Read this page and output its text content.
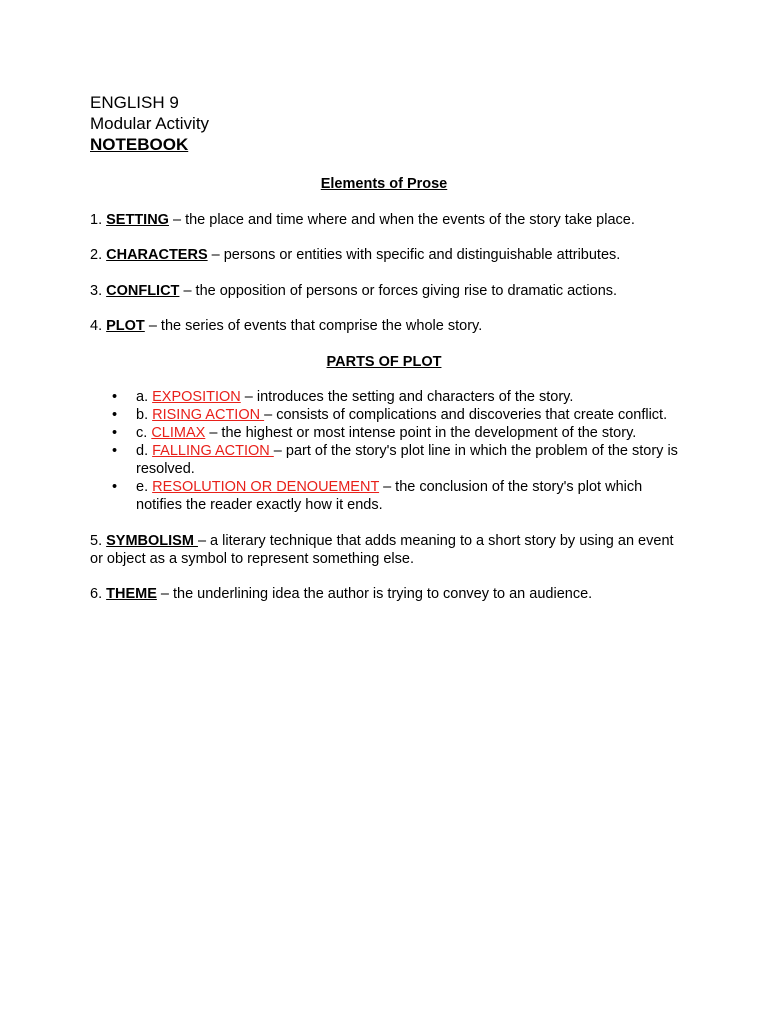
ENGLISH 9
Modular Activity
NOTEBOOK
Elements of Prose
1. SETTING – the place and time where and when the events of the story take place.
2. CHARACTERS – persons or entities with specific and distinguishable attributes.
3. CONFLICT – the opposition of persons or forces giving rise to dramatic actions.
4. PLOT – the series of events that comprise the whole story.
PARTS OF PLOT
• a. EXPOSITION – introduces the setting and characters of the story.
• b. RISING ACTION – consists of complications and discoveries that create conflict.
• c. CLIMAX – the highest or most intense point in the development of the story.
• d. FALLING ACTION – part of the story's plot line in which the problem of the story is resolved.
• e. RESOLUTION OR DENOUEMENT – the conclusion of the story's plot which notifies the reader exactly how it ends.
5. SYMBOLISM – a literary technique that adds meaning to a short story by using an event or object as a symbol to represent something else.
6. THEME – the underlining idea the author is trying to convey to an audience.
